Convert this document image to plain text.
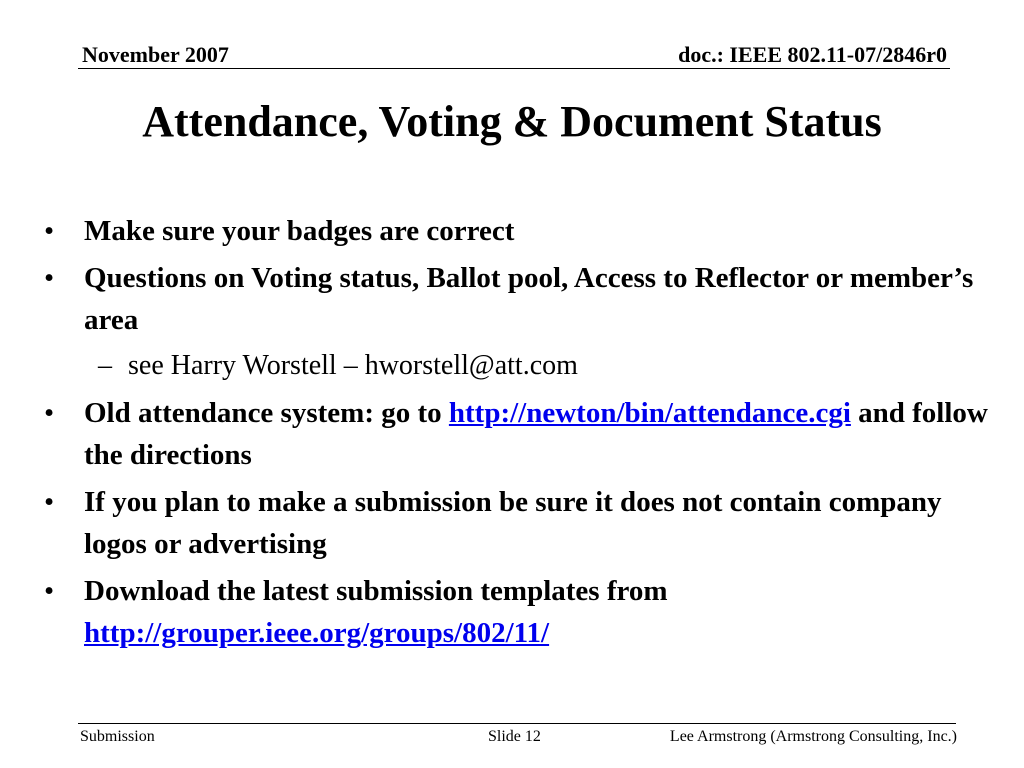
November 2007	doc.: IEEE 802.11-07/2846r0
Attendance, Voting & Document Status
• Make sure your badges are correct
• Questions on Voting status, Ballot pool, Access to Reflector or member’s area
– see Harry Worstell – hworstell@att.com
• Old attendance system: go to http://newton/bin/attendance.cgi and follow the directions
• If you plan to make a submission be sure it does not contain company logos or advertising
• Download the latest submission templates from
http://grouper.ieee.org/groups/802/11/
Submission	Slide 12	Lee Armstrong (Armstrong Consulting, Inc.)
